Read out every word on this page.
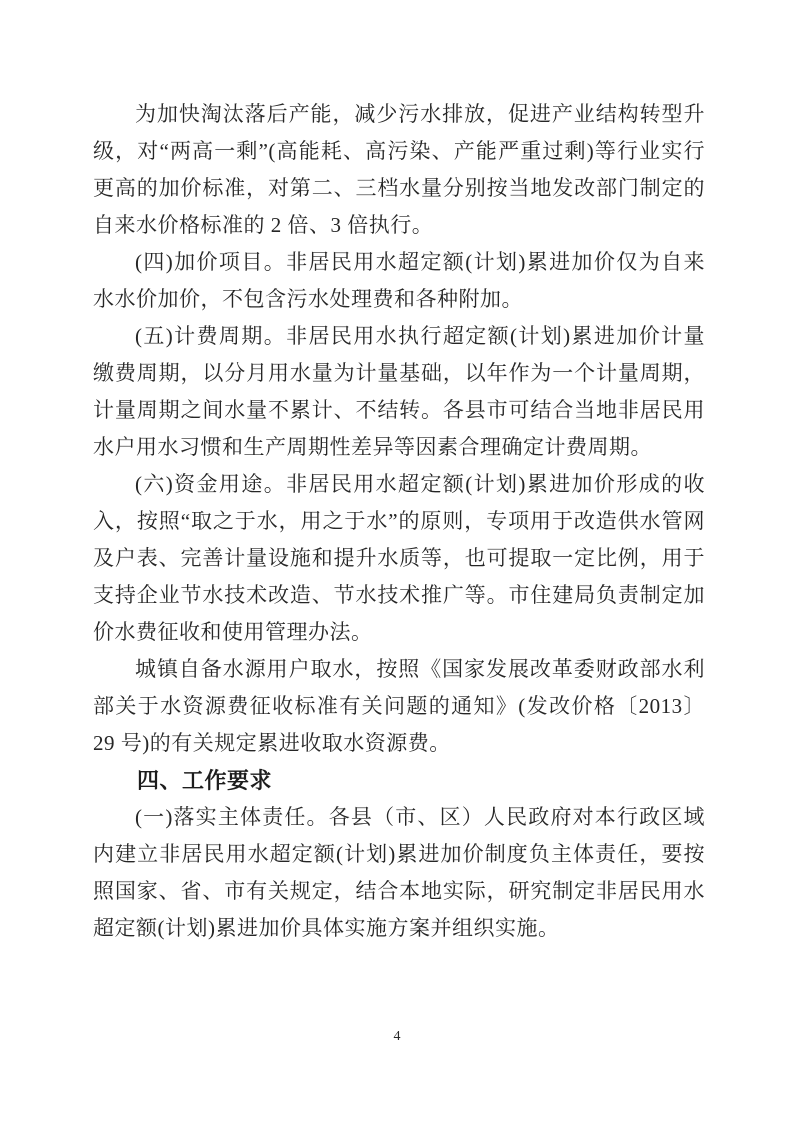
为加快淘汰落后产能，减少污水排放，促进产业结构转型升
级，对“两高一剩”(高能耗、高污染、产能严重过剩)等行业实行
更高的加价标准，对第二、三档水量分别按当地发改部门制定的
自来水价格标准的 2 倍、3 倍执行。
(四)加价项目。非居民用水超定额(计划)累进加价仅为自来
水水价加价，不包含污水处理费和各种附加。
(五)计费周期。非居民用水执行超定额(计划)累进加价计量
缴费周期，以分月用水量为计量基础，以年作为一个计量周期，
计量周期之间水量不累计、不结转。各县市可结合当地非居民用
水户用水习惯和生产周期性差异等因素合理确定计费周期。
(六)资金用途。非居民用水超定额(计划)累进加价形成的收
入，按照“取之于水，用之于水”的原则，专项用于改造供水管网
及户表、完善计量设施和提升水质等，也可提取一定比例，用于
支持企业节水技术改造、节水技术推广等。市住建局负责制定加
价水费征收和使用管理办法。
城镇自备水源用户取水，按照《国家发展改革委财政部水利
部关于水资源费征收标准有关问题的通知》(发改价格〔2013〕
29 号)的有关规定累进收取水资源费。
四、工作要求
(一)落实主体责任。各县（市、区）人民政府对本行政区域
内建立非居民用水超定额(计划)累进加价制度负主体责任，要按
照国家、省、市有关规定，结合本地实际，研究制定非居民用水
超定额(计划)累进加价具体实施方案并组织实施。
4
